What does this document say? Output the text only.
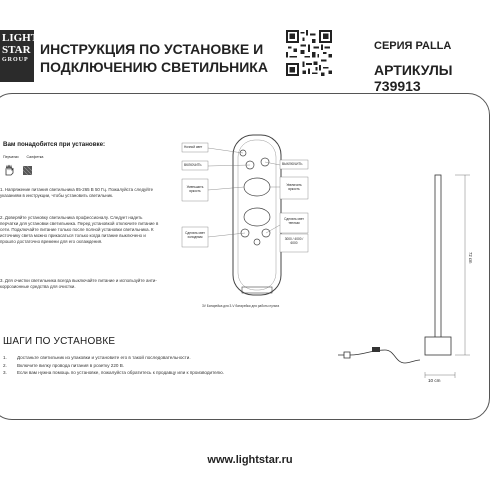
LIGHT
STAR
GROUP
ИНСТРУКЦИЯ ПО УСТАНОВКЕ И
ПОДКЛЮЧЕНИЮ СВЕТИЛЬНИКА
СЕРИЯ PALLA
АРТИКУЛЫ 739913
Вам понадобится при установке:
Перчатки Салфетка
1. Напряжение питания светильника 85-265 В 50 Гц. Пожалуйста следуйте указаниям в инструкции, чтобы установить светильник.
2. Доверяйте установку светильника профессионалу. Следует надеть перчатки для установки светильника. Перед установкой отключите питание в сети. Подключайте питание только после полной установки светильника. К источнику света можно прикасаться только когда питание выключено и прошло достаточно времени для его охлаждения.
3. Для очистки светильника всегда выключайте питание и используйте анти-коррозионные средства для очистки.
Ночной свет
ВКЛЮЧИТЬ
Уменьшить яркость
Сделать свет холодным
ВЫКЛЮЧИТЬ
Увеличить яркость
Сделать свет теплым
3000 / 4000 / 6000
3V Батарейка для 3-V батарейки для работы пульта
72 cm
ШАГИ ПО УСТАНОВКЕ
1. Достаньте светильник из упаковки и установите его в такой последовательности.
2. Включите вилку провода питания в розетку 220 В.
3. Если вам нужна помощь по установке, пожалуйста обратитесь к продавцу или к производителю.
10 cm
www.lightstar.ru
